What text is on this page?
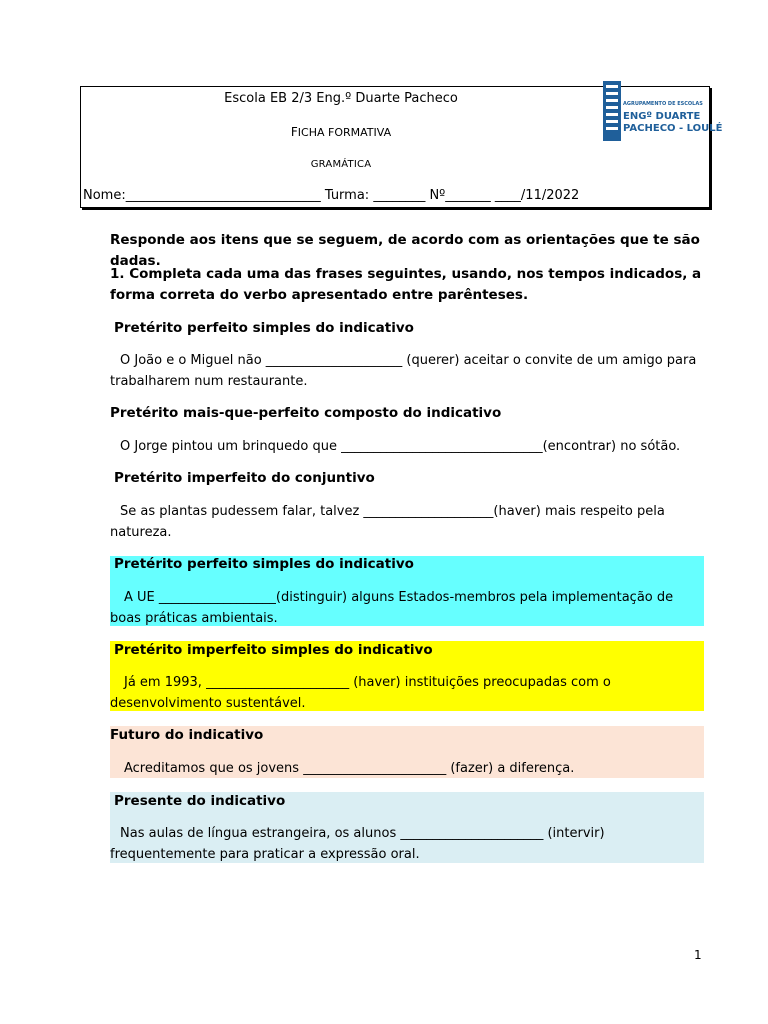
Escola EB 2/3 Eng.º Duarte Pacheco
FICHA FORMATIVA
GRAMÁTICA
Nome:______________________________ Turma: ________ Nº_______ ____/11/2022
AGRUPAMENTO DE ESCOLAS
ENGº DUARTE
PACHECO - LOULÉ
Responde aos itens que se seguem, de acordo com as orientações que te são dadas.
1. Completa cada uma das frases seguintes, usando, nos tempos indicados, a forma correta do verbo apresentado entre parênteses.
Pretérito perfeito simples do indicativo
O João e o Miguel não _____________________ (querer) aceitar o convite de um amigo para trabalharem num restaurante.
Pretérito mais-que-perfeito composto do indicativo
O Jorge pintou um brinquedo que _______________________________(encontrar) no sótão.
Pretérito imperfeito do conjuntivo
Se as plantas pudessem falar, talvez ____________________(haver) mais respeito pela natureza.
Pretérito perfeito simples do indicativo
A UE __________________(distinguir) alguns Estados-membros pela implementação de boas práticas ambientais.
Pretérito imperfeito simples do indicativo
Já em 1993, ______________________ (haver) instituições preocupadas com o desenvolvimento sustentável.
Futuro do indicativo
Acreditamos que os jovens ______________________ (fazer) a diferença.
Presente do indicativo
Nas aulas de língua estrangeira, os alunos ______________________ (intervir) frequentemente para praticar a expressão oral.
1
